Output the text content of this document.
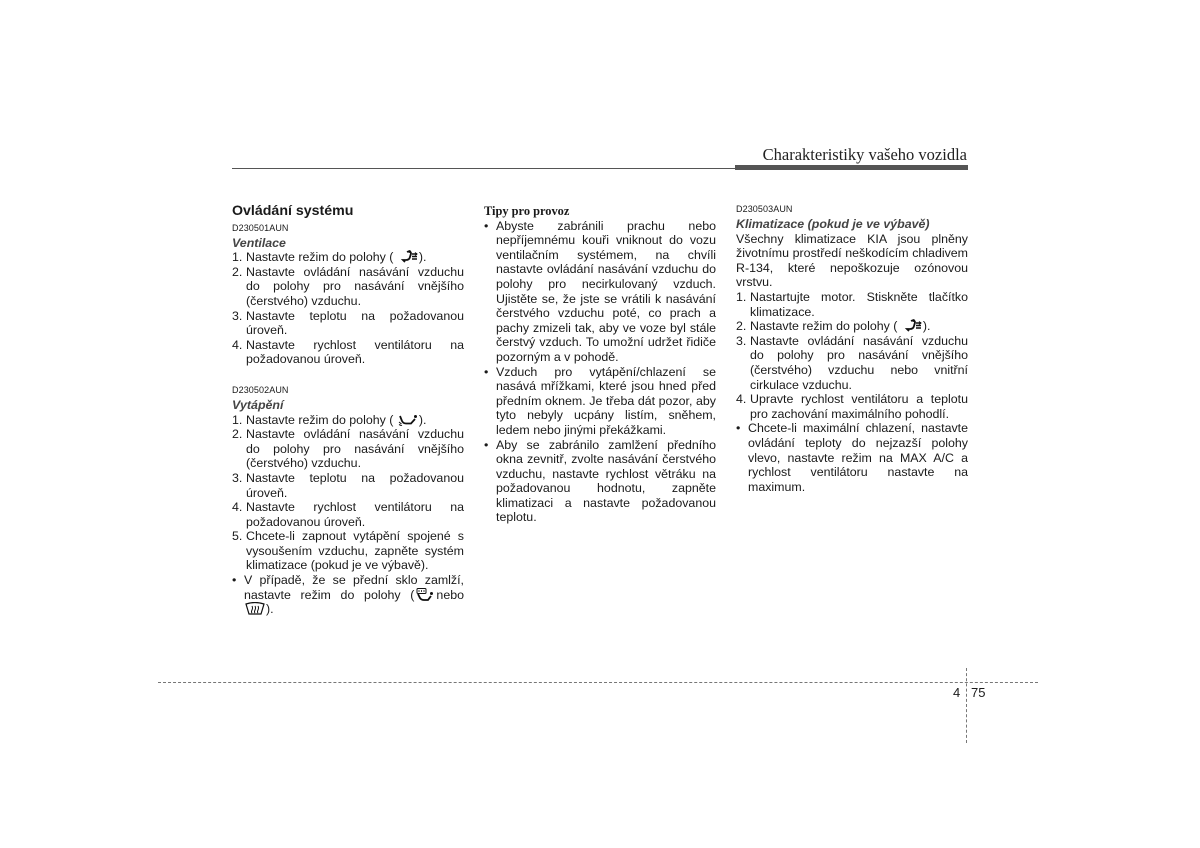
Charakteristiky vašeho vozidla
Ovládání systému
D230501AUN
Ventilace
1. Nastavte režim do polohy ( ).
2. Nastavte ovládání nasávání vzduchu do polohy pro nasávání vnějšího (čerstvého) vzduchu.
3. Nastavte teplotu na požadovanou úroveň.
4. Nastavte rychlost ventilátoru na požadovanou úroveň.
D230502AUN
Vytápění
1. Nastavte režim do polohy ( ).
2. Nastavte ovládání nasávání vzduchu do polohy pro nasávání vnějšího (čerstvého) vzduchu.
3. Nastavte teplotu na požadovanou úroveň.
4. Nastavte rychlost ventilátoru na požadovanou úroveň.
5. Chcete-li zapnout vytápění spojené s vysoušením vzduchu, zapněte systém klimatizace (pokud je ve výbavě).
• V případě, že se přední sklo zamlží, nastavte režim do polohy ( nebo
).
Tipy pro provoz
• Abyste zabránili prachu nebo nepříjemnému kouři vniknout do vozu ventilačním systémem, na chvíli nastavte ovládání nasávání vzduchu do polohy pro necirkulovaný vzduch. Ujistěte se, že jste se vrátili k nasávání čerstvého vzduchu poté, co prach a pachy zmizeli tak, aby ve voze byl stále čerstvý vzduch. To umožní udržet řidiče pozorným a v pohodě.
• Vzduch pro vytápění/chlazení se nasává mřížkami, které jsou hned před předním oknem. Je třeba dát pozor, aby tyto nebyly ucpány listím, sněhem, ledem nebo jinými překážkami.
• Aby se zabránilo zamlžení předního okna zevnitř, zvolte nasávání čerstvého vzduchu, nastavte rychlost větráku na požadovanou hodnotu, zapněte klimatizaci a nastavte požadovanou teplotu.
D230503AUN
Klimatizace (pokud je ve výbavě)

Všechny klimatizace KIA jsou plněny životnímu prostředí neškodícím chladivem R-134, které nepoškozuje ozónovou vrstvu.

1. Nastartujte motor. Stiskněte tlačítko klimatizace.
2. Nastavte režim do polohy ( ).
3. Nastavte ovládání nasávání vzduchu do polohy pro nasávání vnějšího (čerstvého) vzduchu nebo vnitřní cirkulace vzduchu.
4. Upravte rychlost ventilátoru a teplotu pro zachování maximálního pohodlí.
• Chcete-li maximální chlazení, nastavte ovládání teploty do nejzazší polohy vlevo, nastavte režim na MAX A/C a rychlost ventilátoru nastavte na maximum.
4 75
